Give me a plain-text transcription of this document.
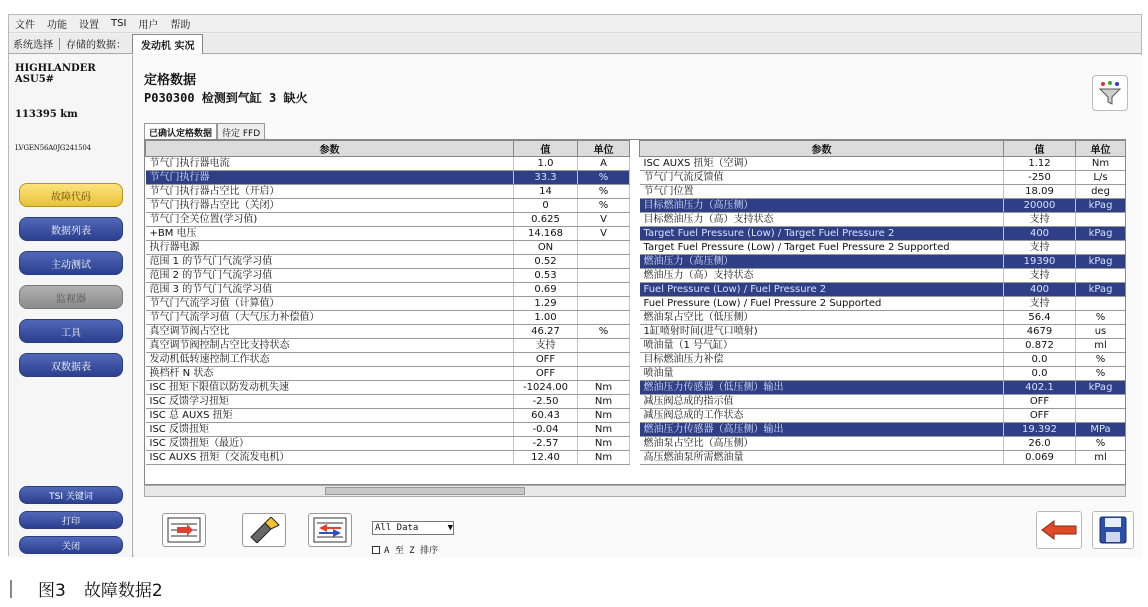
文件 功能 设置 TSI 用户 帮助
系统选择 存储的数据：	发动机 实况
HIGHLANDER ASU5#
113395 km
LVGEN56A0JG241504
故障代码
数据列表
主动测试
监视器
工具
双数据表
TSI 关键词
打印
关闭
定格数据
P030300 检测到气缸 3 缺火
已确认定格数据	待定 FFD
参数	值	单位
节气门执行器电流	1.0	A
节气门执行器	33.3	%
节气门执行器占空比（开启）	14	%
节气门执行器占空比（关闭）	0	%
节气门全关位置(学习值)	0.625	V
+BM 电压	14.168	V
执行器电源	ON	
范围 1 的节气门气流学习值	0.52	
范围 2 的节气门气流学习值	0.53	
范围 3 的节气门气流学习值	0.69	
节气门气流学习值（计算值）	1.29	
节气门气流学习值（大气压力补偿值）	1.00	
真空调节阀占空比	46.27	%
真空调节阀控制占空比支持状态	支持	
发动机低转速控制工作状态	OFF	
换档杆 N 状态	OFF	
ISC 扭矩下限值以防发动机失速	-1024.00	Nm
ISC 反馈学习扭矩	-2.50	Nm
ISC 总 AUXS 扭矩	60.43	Nm
ISC 反馈扭矩	-0.04	Nm
ISC 反馈扭矩（最近）	-2.57	Nm
ISC AUXS 扭矩（交流发电机）	12.40	Nm
参数	值	单位
ISC AUXS 扭矩（空调）	1.12	Nm
节气门气流反馈值	-250	L/s
节气门位置	18.09	deg
目标燃油压力（高压侧）	20000	kPag
目标燃油压力（高）支持状态	支持	
Target Fuel Pressure (Low) / Target Fuel Pressure 2	400	kPag
Target Fuel Pressure (Low) / Target Fuel Pressure 2 Supported	支持	
燃油压力（高压侧）	19390	kPag
燃油压力（高）支持状态	支持	
Fuel Pressure (Low) / Fuel Pressure 2	400	kPag
Fuel Pressure (Low) / Fuel Pressure 2 Supported	支持	
燃油泵占空比（低压侧）	56.4	%
1缸喷射时间(进气口喷射)	4679	us
喷油量（1 号气缸）	0.872	ml
目标燃油压力补偿	0.0	%
喷油量	0.0	%
燃油压力传感器（低压侧）输出	402.1	kPag
减压阀总成的指示值	OFF	
减压阀总成的工作状态	OFF	
燃油压力传感器（高压侧）输出	19.392	MPa
燃油泵占空比（高压侧）	26.0	%
高压燃油泵所需燃油量	0.069	ml
All Data	▼
A 至 Z 排序
图3 故障数据2
